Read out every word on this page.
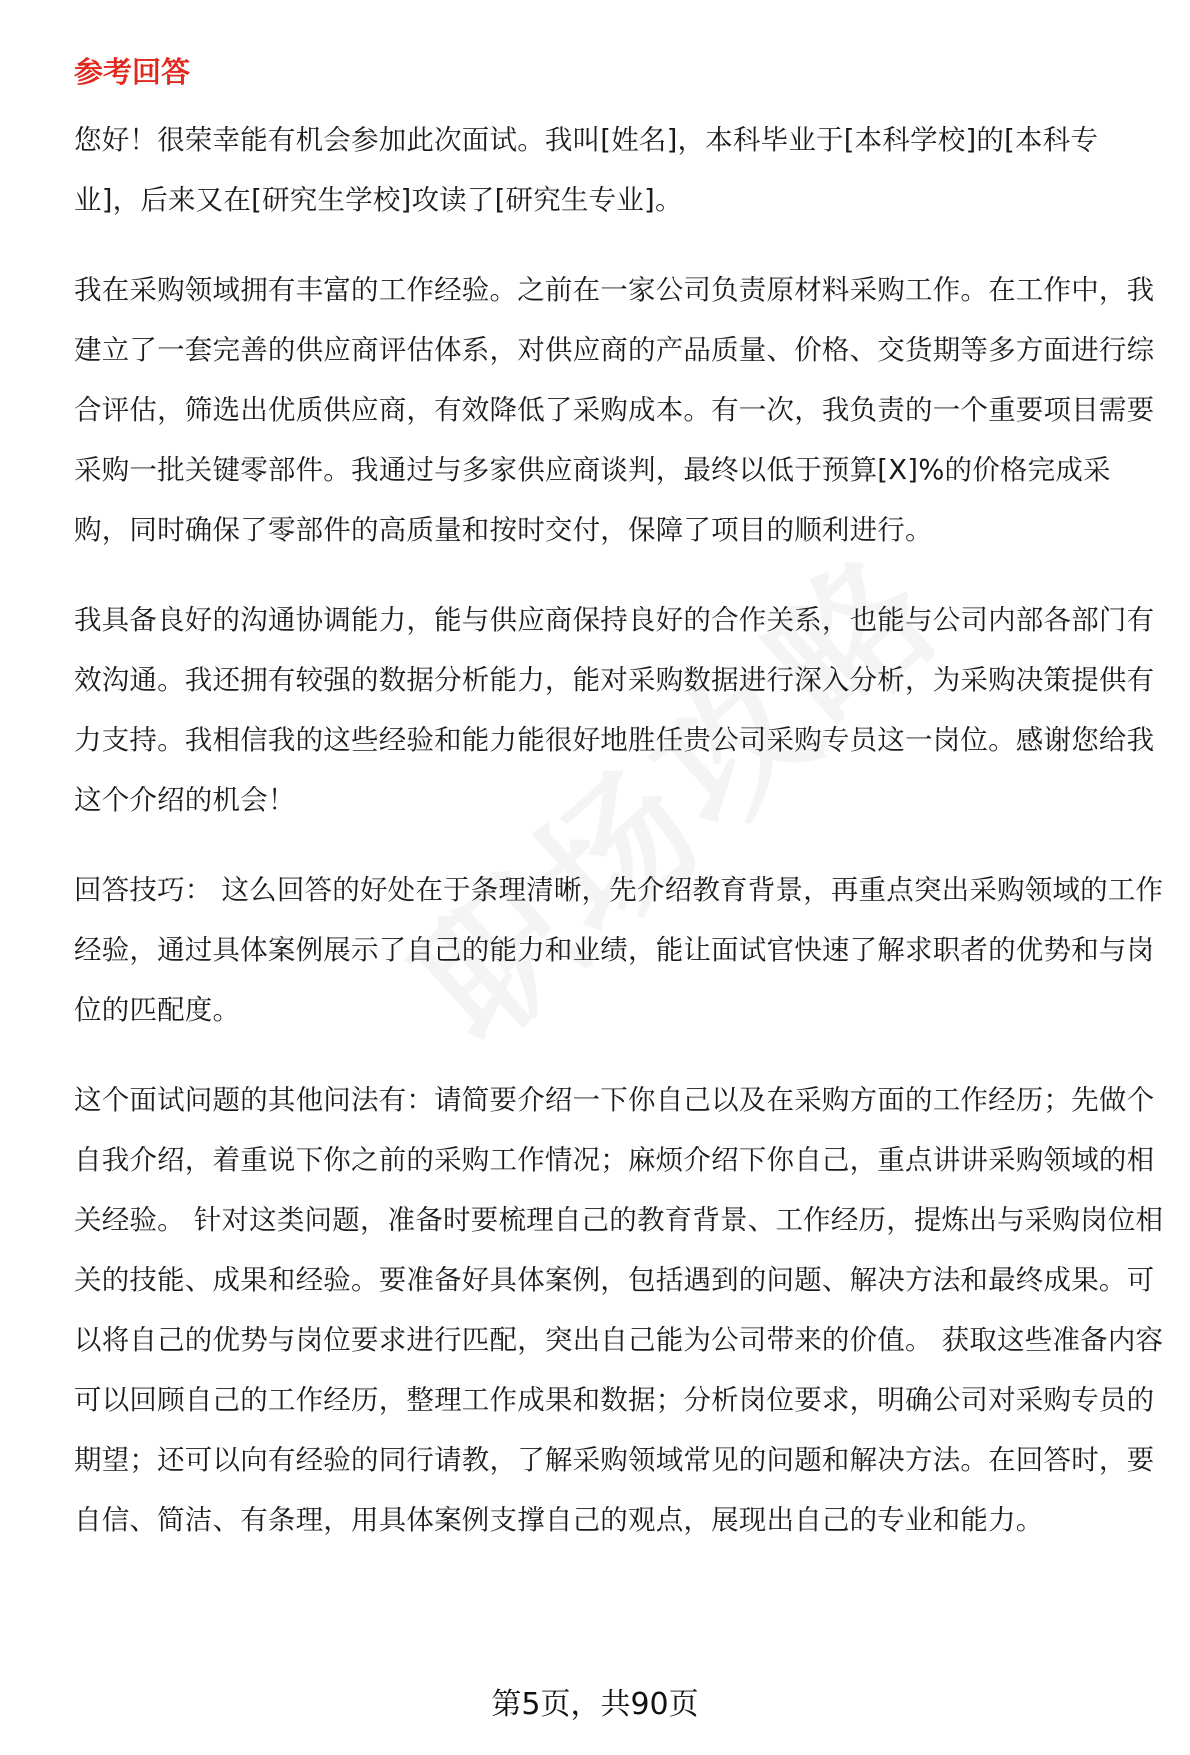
参考回答

您好！很荣幸能有机会参加此次面试。我叫[姓名]，本科毕业于[本科学校]的[本科专业]，后来又在[研究生学校]攻读了[研究生专业]。

我在采购领域拥有丰富的工作经验。之前在一家公司负责原材料采购工作。在工作中，我建立了一套完善的供应商评估体系，对供应商的产品质量、价格、交货期等多方面进行综合评估，筛选出优质供应商，有效降低了采购成本。有一次，我负责的一个重要项目需要采购一批关键零部件。我通过与多家供应商谈判，最终以低于预算[X]%的价格完成采购，同时确保了零部件的高质量和按时交付，保障了项目的顺利进行。

我具备良好的沟通协调能力，能与供应商保持良好的合作关系，也能与公司内部各部门有效沟通。我还拥有较强的数据分析能力，能对采购数据进行深入分析，为采购决策提供有力支持。我相信我的这些经验和能力能很好地胜任贵公司采购专员这一岗位。感谢您给我这个介绍的机会！

回答技巧： 这么回答的好处在于条理清晰，先介绍教育背景，再重点突出采购领域的工作经验，通过具体案例展示了自己的能力和业绩，能让面试官快速了解求职者的优势和与岗位的匹配度。

这个面试问题的其他问法有：请简要介绍一下你自己以及在采购方面的工作经历；先做个自我介绍，着重说下你之前的采购工作情况；麻烦介绍下你自己，重点讲讲采购领域的相关经验。 针对这类问题，准备时要梳理自己的教育背景、工作经历，提炼出与采购岗位相关的技能、成果和经验。要准备好具体案例，包括遇到的问题、解决方法和最终成果。可以将自己的优势与岗位要求进行匹配，突出自己能为公司带来的价值。 获取这些准备内容可以回顾自己的工作经历，整理工作成果和数据；分析岗位要求，明确公司对采购专员的期望；还可以向有经验的同行请教，了解采购领域常见的问题和解决方法。在回答时，要自信、简洁、有条理，用具体案例支撑自己的观点，展现出自己的专业和能力。

第5页，共90页
